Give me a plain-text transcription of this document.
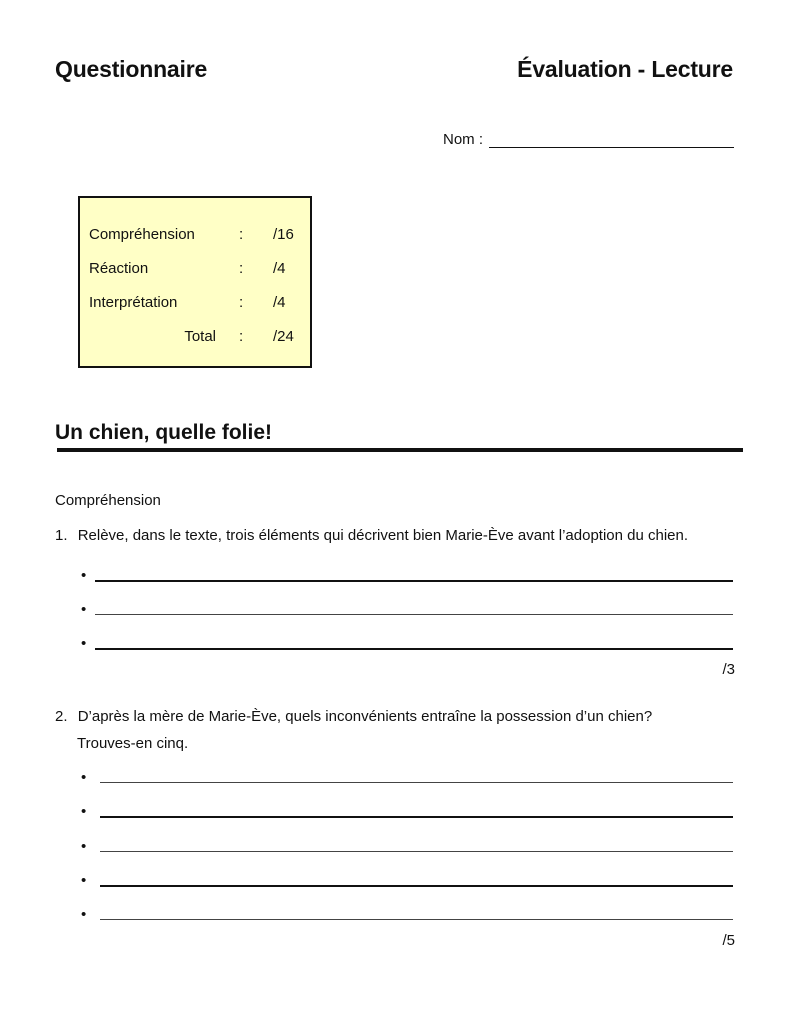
Questionnaire	Évaluation - Lecture
Nom :
Compréhension	: /16
Réaction	: /4
Interprétation	: /4
Total : /24
Un chien, quelle folie!
Compréhension
1. Relève, dans le texte, trois éléments qui décrivent bien Marie-Ève avant l’adoption du chien.
•
•
•
/3
2. D’après la mère de Marie-Ève, quels inconvénients entraîne la possession d’un chien?
Trouves-en cinq.
•
•
•
•
•
/5
